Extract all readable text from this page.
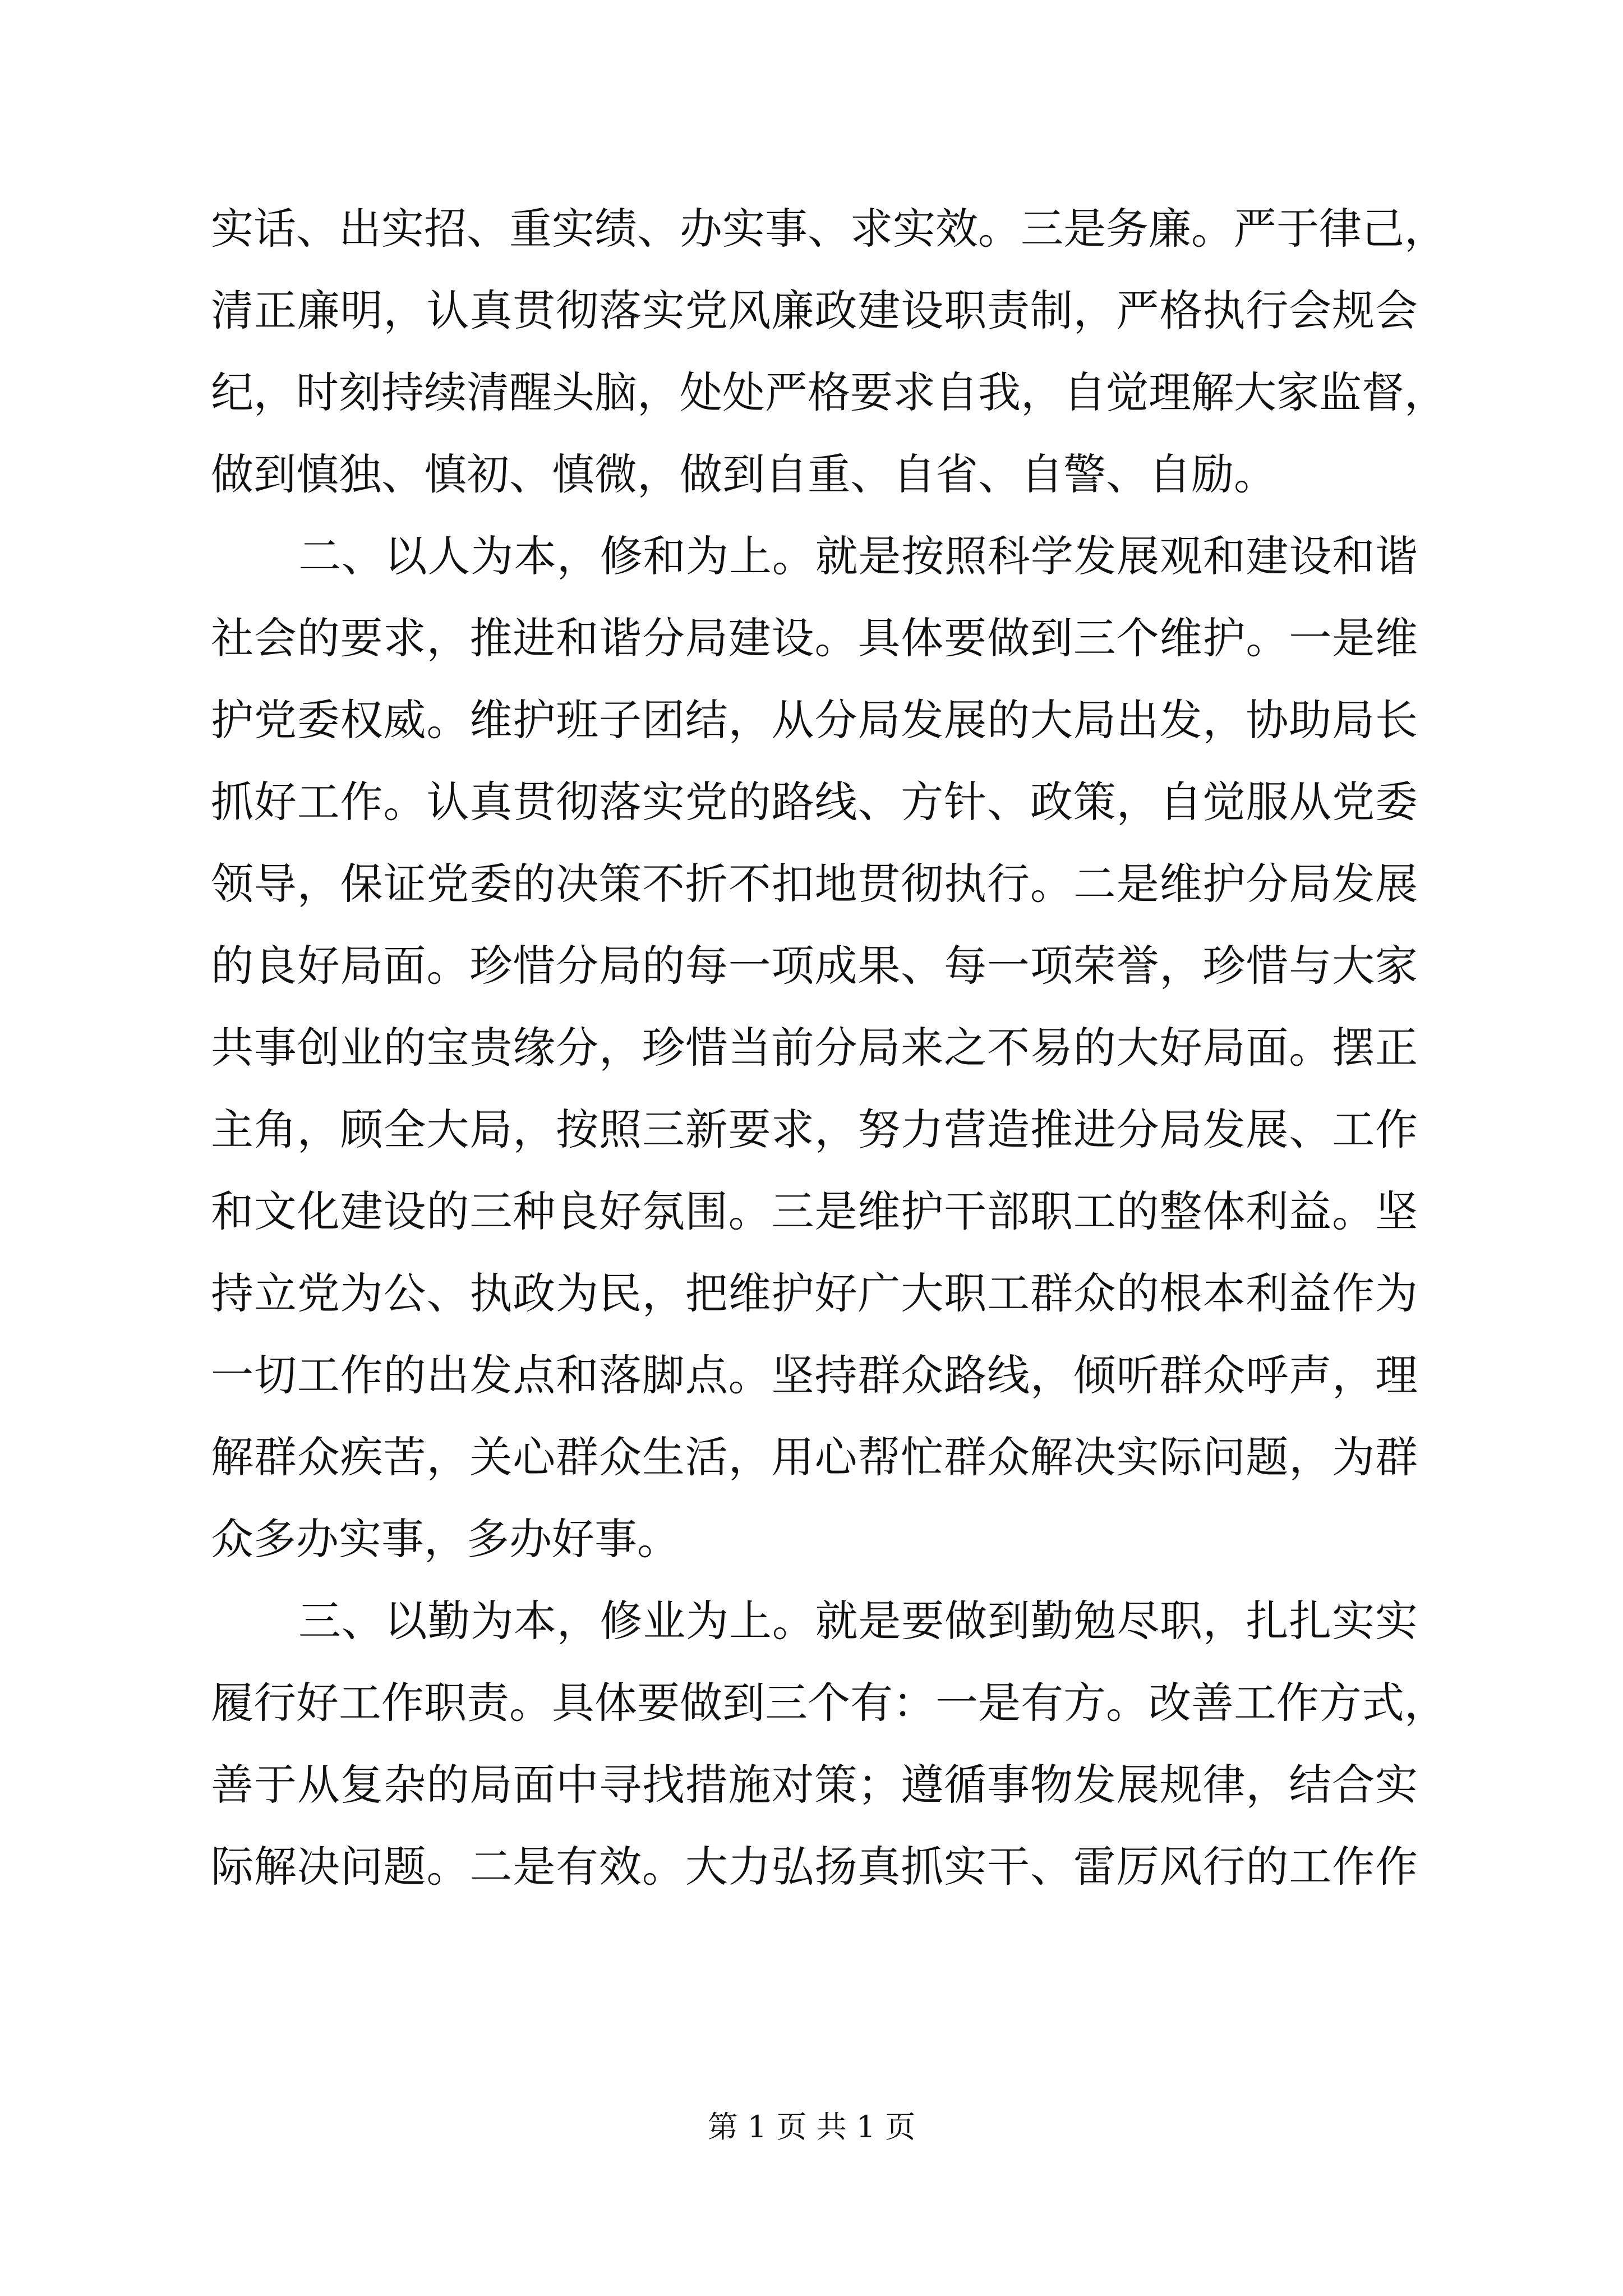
实话、出实招、重实绩、办实事、求实效。三是务廉。严于律己，
清正廉明，认真贯彻落实党风廉政建设职责制，严格执行会规会
纪，时刻持续清醒头脑，处处严格要求自我，自觉理解大家监督，
做到慎独、慎初、慎微，做到自重、自省、自警、自励。
二、以人为本，修和为上。就是按照科学发展观和建设和谐
社会的要求，推进和谐分局建设。具体要做到三个维护。一是维
护党委权威。维护班子团结，从分局发展的大局出发，协助局长
抓好工作。认真贯彻落实党的路线、方针、政策，自觉服从党委
领导，保证党委的决策不折不扣地贯彻执行。二是维护分局发展
的良好局面。珍惜分局的每一项成果、每一项荣誉，珍惜与大家
共事创业的宝贵缘分，珍惜当前分局来之不易的大好局面。摆正
主角，顾全大局，按照三新要求，努力营造推进分局发展、工作
和文化建设的三种良好氛围。三是维护干部职工的整体利益。坚
持立党为公、执政为民，把维护好广大职工群众的根本利益作为
一切工作的出发点和落脚点。坚持群众路线，倾听群众呼声，理
解群众疾苦，关心群众生活，用心帮忙群众解决实际问题，为群
众多办实事，多办好事。
三、以勤为本，修业为上。就是要做到勤勉尽职，扎扎实实
履行好工作职责。具体要做到三个有：一是有方。改善工作方式，
善于从复杂的局面中寻找措施对策；遵循事物发展规律，结合实
际解决问题。二是有效。大力弘扬真抓实干、雷厉风行的工作作
第 1 页 共 1 页
